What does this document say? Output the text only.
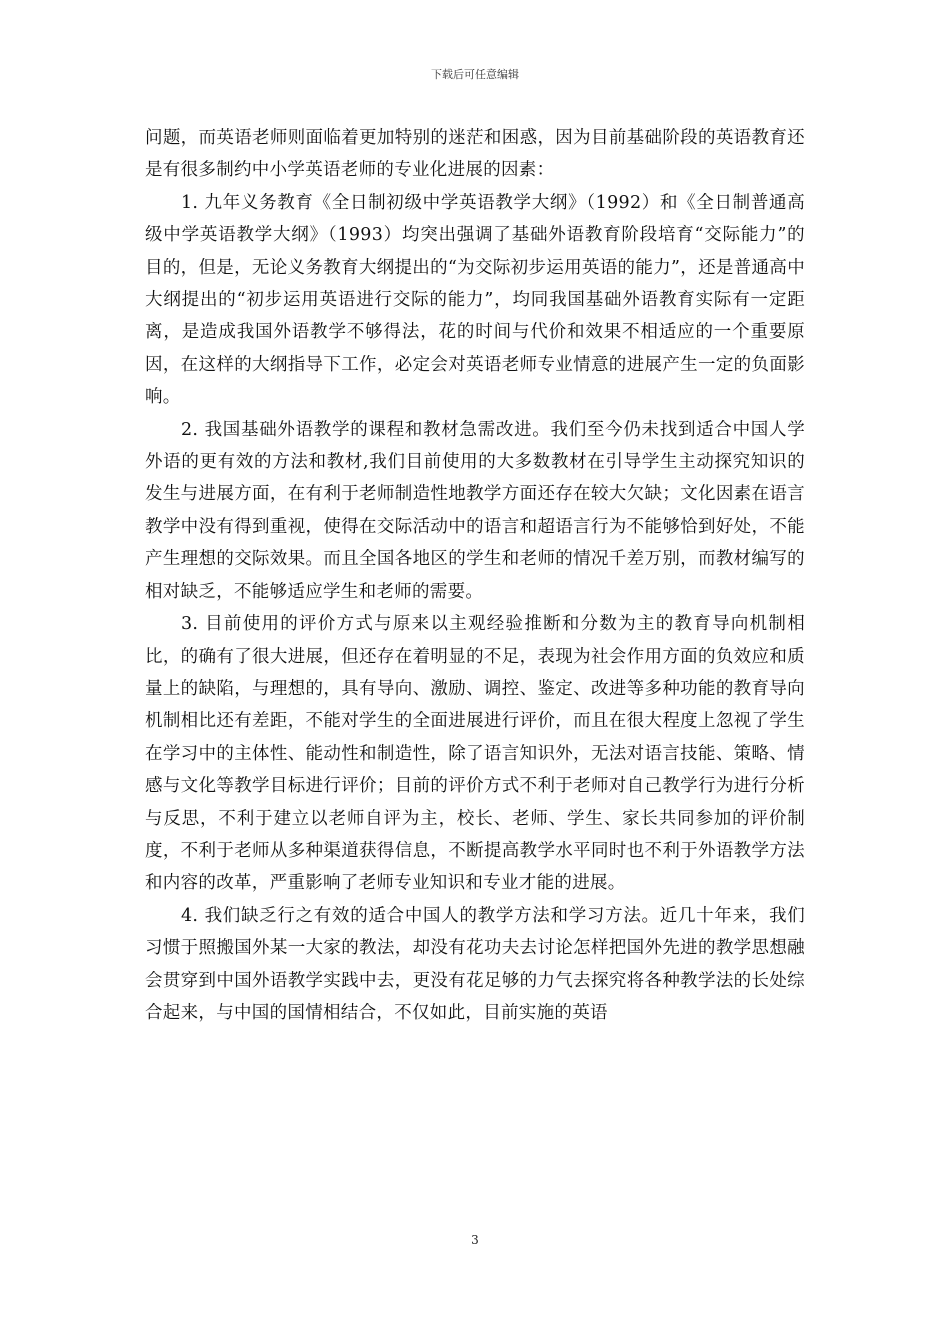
下载后可任意编辑

问题，而英语老师则面临着更加特别的迷茫和困惑，因为目前基础阶段的英语教育还是有很多制约中小学英语老师的专业化进展的因素：

1. 九年义务教育《全日制初级中学英语教学大纲》（1992）和《全日制普通高级中学英语教学大纲》（1993）均突出强调了基础外语教育阶段培育“交际能力”的目的，但是，无论义务教育大纲提出的“为交际初步运用英语的能力”，还是普通高中大纲提出的“初步运用英语进行交际的能力”，均同我国基础外语教育实际有一定距离，是造成我国外语教学不够得法，花的时间与代价和效果不相适应的一个重要原因，在这样的大纲指导下工作，必定会对英语老师专业情意的进展产生一定的负面影响。

2. 我国基础外语教学的课程和教材急需改进。我们至今仍未找到适合中国人学外语的更有效的方法和教材,我们目前使用的大多数教材在引导学生主动探究知识的发生与进展方面，在有利于老师制造性地教学方面还存在较大欠缺；文化因素在语言教学中没有得到重视，使得在交际活动中的语言和超语言行为不能够恰到好处，不能产生理想的交际效果。而且全国各地区的学生和老师的情况千差万别，而教材编写的相对缺乏，不能够适应学生和老师的需要。

3. 目前使用的评价方式与原来以主观经验推断和分数为主的教育导向机制相比，的确有了很大进展，但还存在着明显的不足，表现为社会作用方面的负效应和质量上的缺陷，与理想的，具有导向、激励、调控、鉴定、改进等多种功能的教育导向机制相比还有差距，不能对学生的全面进展进行评价，而且在很大程度上忽视了学生在学习中的主体性、能动性和制造性，除了语言知识外，无法对语言技能、策略、情感与文化等教学目标进行评价；目前的评价方式不利于老师对自己教学行为进行分析与反思，不利于建立以老师自评为主，校长、老师、学生、家长共同参加的评价制度，不利于老师从多种渠道获得信息，不断提高教学水平同时也不利于外语教学方法和内容的改革，严重影响了老师专业知识和专业才能的进展。

4. 我们缺乏行之有效的适合中国人的教学方法和学习方法。近几十年来，我们习惯于照搬国外某一大家的教法，却没有花功夫去讨论怎样把国外先进的教学思想融会贯穿到中国外语教学实践中去，更没有花足够的力气去探究将各种教学法的长处综合起来，与中国的国情相结合，不仅如此，目前实施的英语

3
